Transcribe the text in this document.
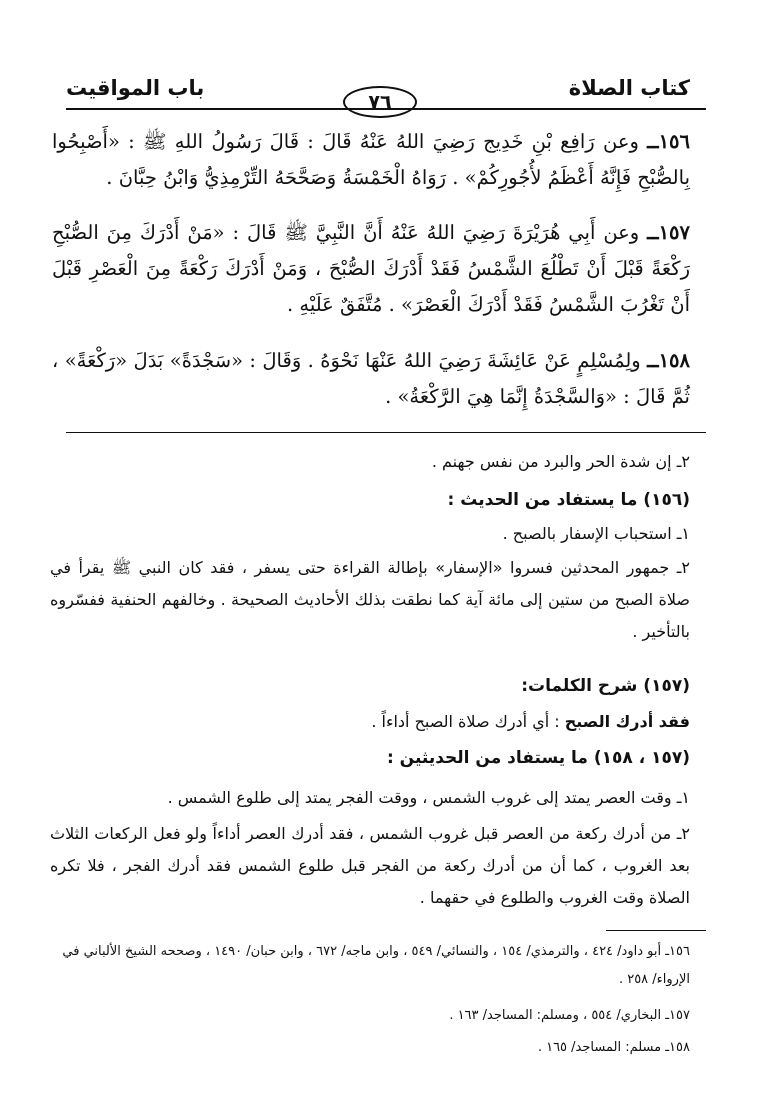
كتاب الصلاة
٧٦
باب المواقيت
١٥٦ــ وعن رَافِع بْنِ خَدِيج رَضِيَ اللهُ عَنْهُ قَالَ : قَالَ رَسُولُ اللهِ ﷺ : «أَصْبِحُوا بِالصُّبْحِ فَإِنَّهُ أَعْظَمُ لأُجُورِكُمْ» . رَوَاهُ الْخَمْسَةُ وَصَحَّحَهُ التِّرْمِذِيُّ وَابْنُ حِبَّانَ .
١٥٧ــ وعن أَبِي هُرَيْرَةَ رَضِيَ اللهُ عَنْهُ أَنَّ النَّبِيَّ ﷺ قَالَ : «مَنْ أَدْرَكَ مِنَ الصُّبْحِ رَكْعَةً قَبْلَ أَنْ تَطْلُعَ الشَّمْسُ فَقَدْ أَدْرَكَ الصُّبْحَ ، وَمَنْ أَدْرَكَ رَكْعَةً مِنَ الْعَصْرِ قَبْلَ أَنْ تَغْرُبَ الشَّمْسُ فَقَدْ أَدْرَكَ الْعَصْرَ» . مُتَّفَقٌ عَلَيْهِ .
١٥٨ــ ولِمُسْلِمٍ عَنْ عَائِشَةَ رَضِيَ اللهُ عَنْهَا نَحْوَهُ . وَقَالَ : «سَجْدَةً» بَدَلَ «رَكْعَةً» ، ثُمَّ قَالَ : «وَالسَّجْدَةُ إِنَّمَا هِيَ الرَّكْعَةُ» .
٢ـ إن شدة الحر والبرد من نفس جهنم .
(١٥٦) ما يستفاد من الحديث :
١ـ استحباب الإسفار بالصبح .
٢ـ جمهور المحدثين فسروا «الإسفار» بإطالة القراءة حتى يسفر ، فقد كان النبي ﷺ يقرأ في صلاة الصبح من ستين إلى مائة آية كما نطقت بذلك الأحاديث الصحيحة . وخالفهم الحنفية ففسّروه بالتأخير .
(١٥٧) شرح الكلمات:
فقد أدرك الصبح : أي أدرك صلاة الصبح أداءاً .
(١٥٧ ، ١٥٨) ما يستفاد من الحديثين :
١ـ وقت العصر يمتد إلى غروب الشمس ، ووقت الفجر يمتد إلى طلوع الشمس .
٢ـ من أدرك ركعة من العصر قبل غروب الشمس ، فقد أدرك العصر أداءاً ولو فعل الركعات الثلاث بعد الغروب ، كما أن من أدرك ركعة من الفجر قبل طلوع الشمس فقد أدرك الفجر ، فلا تكره الصلاة وقت الغروب والطلوع في حقهما .
١٥٦ـ أبو داود/ ٤٢٤ ، والترمذي/ ١٥٤ ، والنسائي/ ٥٤٩ ، وابن ماجه/ ٦٧٢ ، وابن حبان/ ١٤٩٠ ، وصححه الشيخ الألباني في الإرواء/ ٢٥٨ .
١٥٧ـ البخاري/ ٥٥٤ ، ومسلم: المساجد/ ١٦٣ .
١٥٨ـ مسلم: المساجد/ ١٦٥ .
